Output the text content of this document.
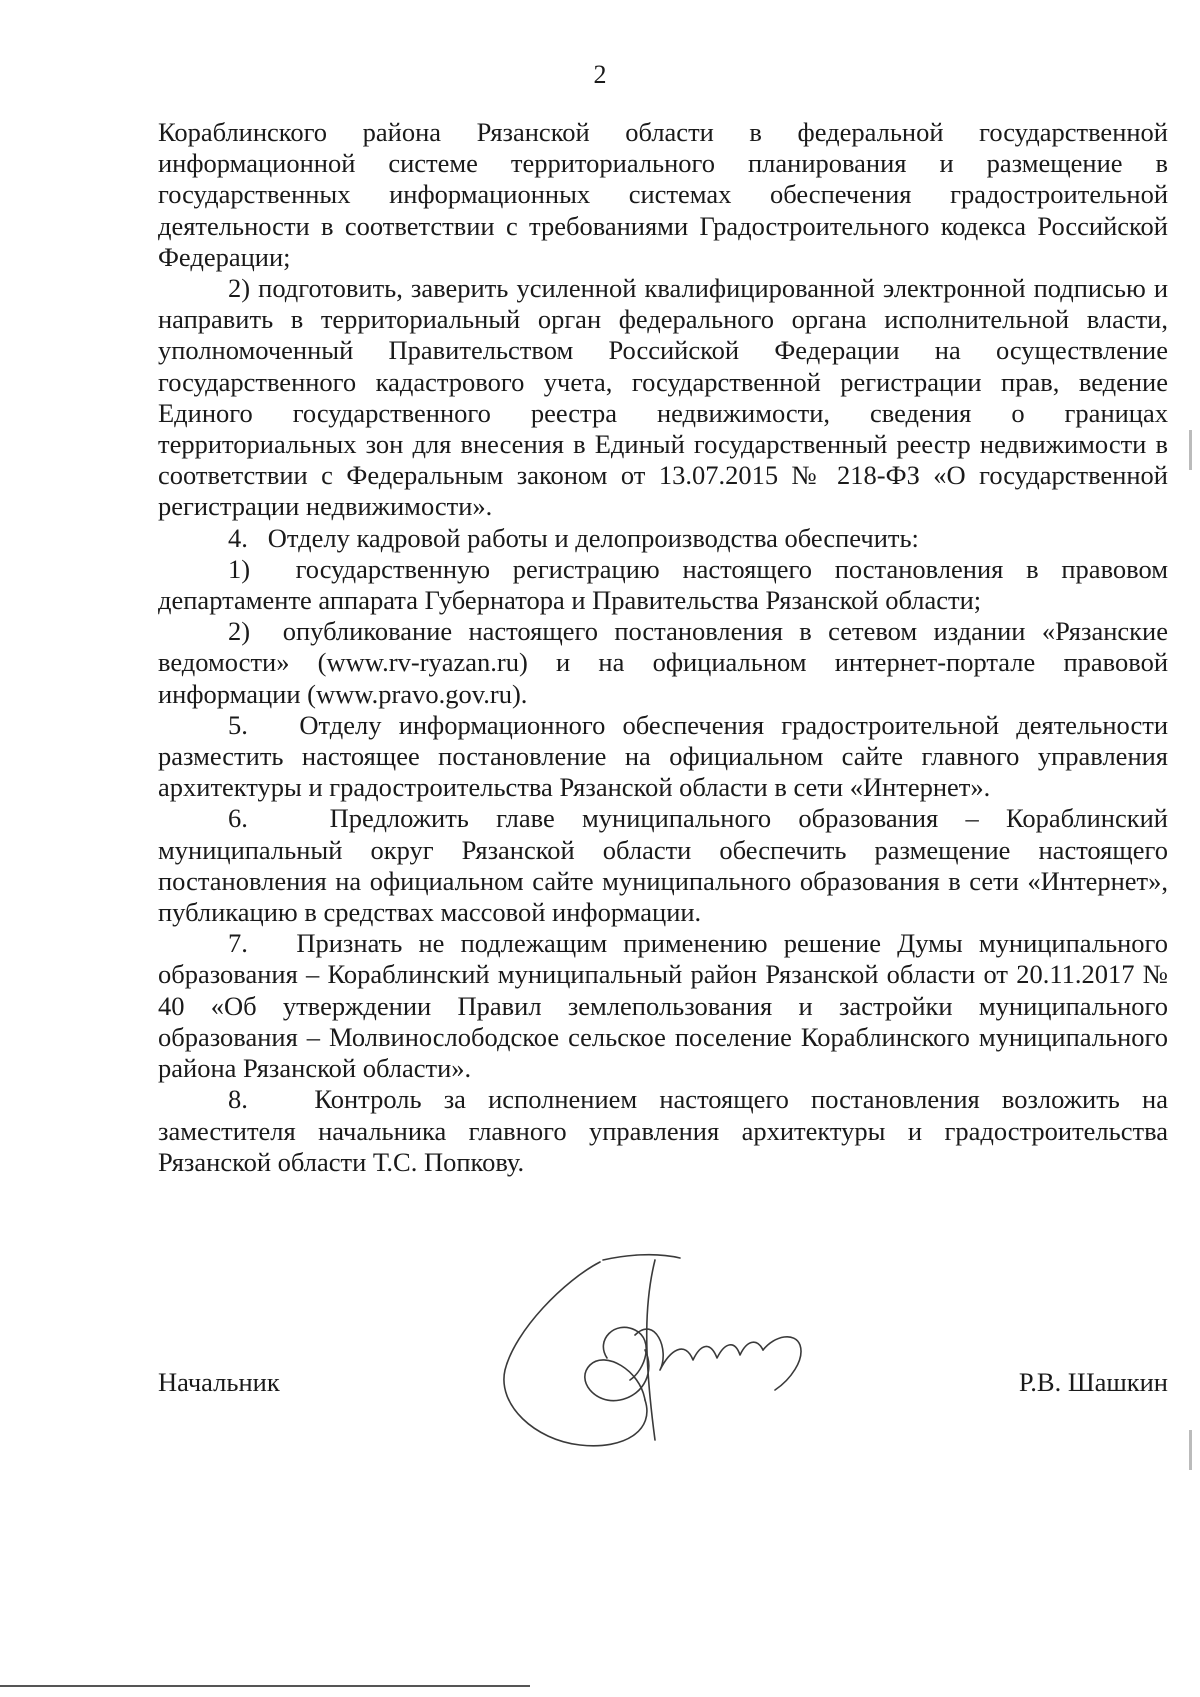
2

Кораблинского района Рязанской области в федеральной государственной информационной системе территориального планирования и размещение в государственных информационных системах обеспечения градостроительной деятельности в соответствии с требованиями Градостроительного кодекса Российской Федерации;

2) подготовить, заверить усиленной квалифицированной электронной подписью и направить в территориальный орган федерального органа исполнительной власти, уполномоченный Правительством Российской Федерации на осуществление государственного кадастрового учета, государственной регистрации прав, ведение Единого государственного реестра недвижимости, сведения о границах территориальных зон для внесения в Единый государственный реестр недвижимости в соответствии с Федеральным законом от 13.07.2015 № 218-ФЗ «О государственной регистрации недвижимости».

4.   Отделу кадровой работы и делопроизводства обеспечить:

1)  государственную регистрацию настоящего постановления в правовом департаменте аппарата Губернатора и Правительства Рязанской области;

2)  опубликование настоящего постановления в сетевом издании «Рязанские ведомости» (www.rv-ryazan.ru) и на официальном интернет-портале правовой информации (www.pravo.gov.ru).

5.   Отделу информационного обеспечения градостроительной деятельности разместить настоящее постановление на официальном сайте главного управления архитектуры и градостроительства Рязанской области в сети «Интернет».

6.   Предложить главе муниципального образования – Кораблинский муниципальный округ Рязанской области обеспечить размещение настоящего постановления на официальном сайте муниципального образования в сети «Интернет», публикацию в средствах массовой информации.

7.   Признать не подлежащим применению решение Думы муниципального образования – Кораблинский муниципальный район Рязанской области от 20.11.2017 № 40 «Об утверждении Правил землепользования и застройки муниципального образования – Молвинослободское сельское поселение Кораблинского муниципального района Рязанской области».

8.   Контроль за исполнением настоящего постановления возложить на заместителя начальника главного управления архитектуры и градостроительства Рязанской области Т.С. Попкову.

Начальник	Р.В. Шашкин
